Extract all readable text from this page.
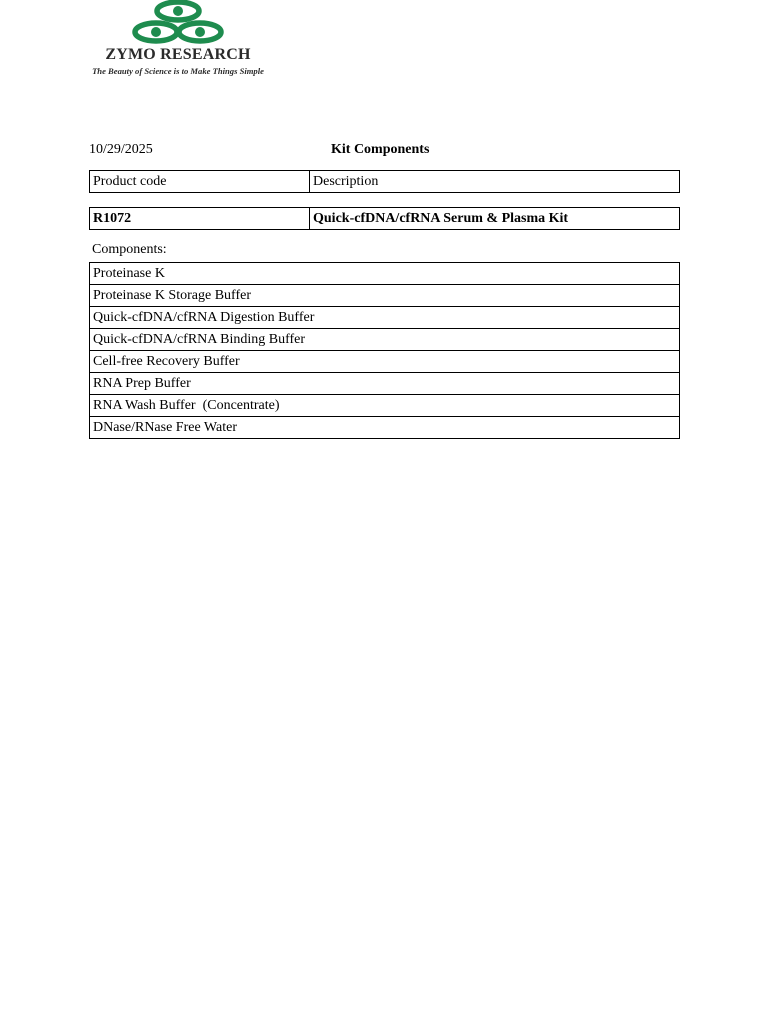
ZYMO RESEARCH
The Beauty of Science is to Make Things Simple
10/29/2025	Kit Components
Product code	Description
R1072	Quick-cfDNA/cfRNA Serum & Plasma Kit
Components:
Proteinase K
Proteinase K Storage Buffer
Quick-cfDNA/cfRNA Digestion Buffer
Quick-cfDNA/cfRNA Binding Buffer
Cell-free Recovery Buffer
RNA Prep Buffer
RNA Wash Buffer  (Concentrate)
DNase/RNase Free Water
